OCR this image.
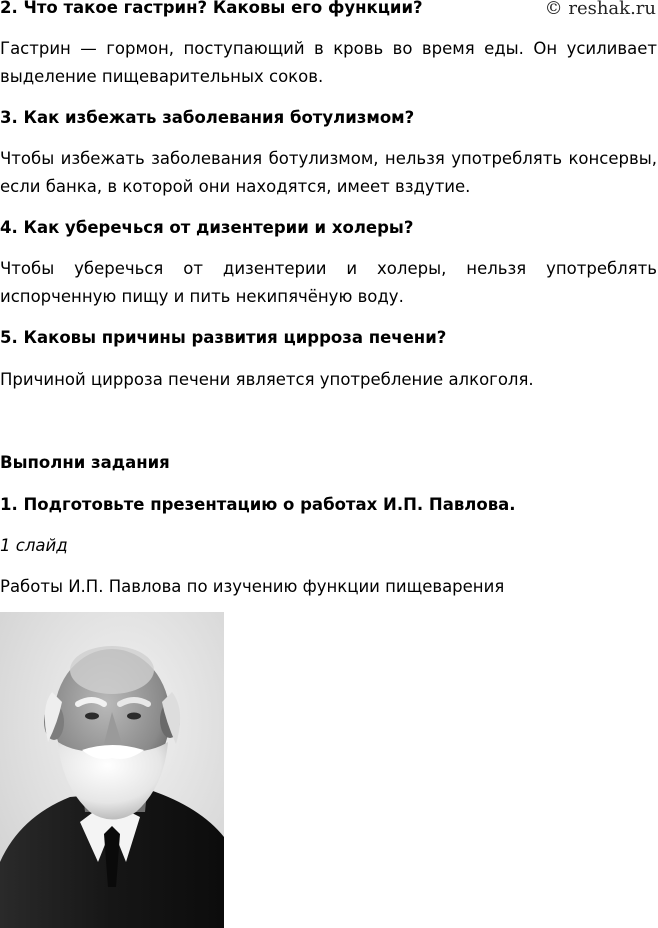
© reshak.ru
2. Что такое гастрин? Каковы его функции?
Гастрин — гормон, поступающий в кровь во время еды. Он усиливает выделение пищеварительных соков.
3. Как избежать заболевания ботулизмом?
Чтобы избежать заболевания ботулизмом, нельзя употреблять консервы, если банка, в которой они находятся, имеет вздутие.
4. Как уберечься от дизентерии и холеры?
Чтобы уберечься от дизентерии и холеры, нельзя употреблять испорченную пищу и пить некипячёную воду.
5. Каковы причины развития цирроза печени?
Причиной цирроза печени является употребление алкоголя.
Выполни задания
1. Подготовьте презентацию о работах И.П. Павлова.
1 слайд
Работы И.П. Павлова по изучению функции пищеварения
